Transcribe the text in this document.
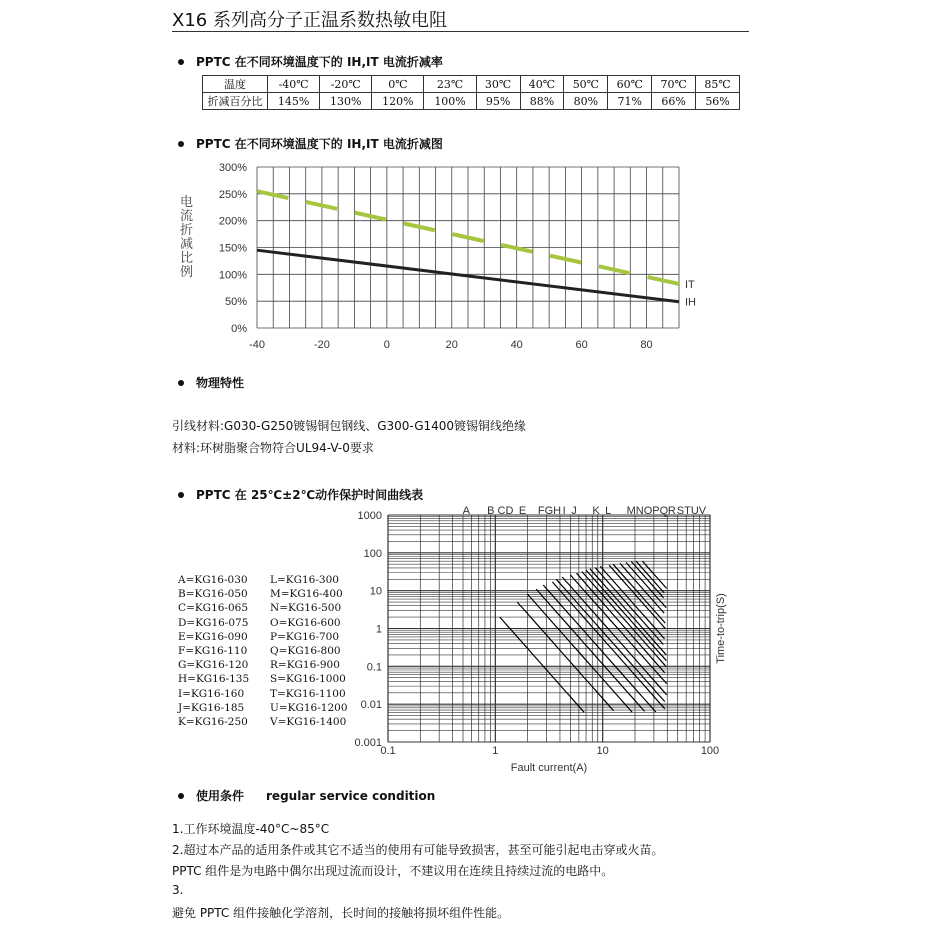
X16 系列高分子正温系数热敏电阻
PPTC 在不同环境温度下的 IH,IT 电流折减率
温度	-40℃	-20℃	0℃	23℃	30℃	40℃	50℃	60℃	70℃	85℃
折减百分比	145%	130%	120%	100%	95%	88%	80%	71%	66%	56%
PPTC 在不同环境温度下的 IH,IT 电流折减图
电
流
折
减
比
例
0%
50%
100%
150%
200%
250%
300%
-40	-20	0	20	40	60	80
IT
IH
物理特性
引线材料:G030-G250镀锡铜包钢线、G300-G1400镀锡铜线绝缘
材料:环树脂聚合物符合UL94-V-0要求
PPTC 在 25℃±2℃动作保护时间曲线表
A=KG16-030
B=KG16-050
C=KG16-065
D=KG16-075
E=KG16-090
F=KG16-110
G=KG16-120
H=KG16-135
I=KG16-160
J=KG16-185
K=KG16-250
L=KG16-300
M=KG16-400
N=KG16-500
O=KG16-600
P=KG16-700
Q=KG16-800
R=KG16-900
S=KG16-1000
T=KG16-1100
U=KG16-1200
V=KG16-1400
1000
100
10
1
0.1
0.01
0.001
0.1	1	10	100
Fault current(A)
Time-to-trip(S)
A B CD E FGH I J K L MNOPQ R STUV
使用条件 regular service condition
1.工作环境温度-40°C~85°C
2.超过本产品的适用条件或其它不适当的使用有可能导致损害，甚至可能引起电击穿或火苗。
PPTC 组件是为电路中偶尔出现过流而设计，不建议用在连续且持续过流的电路中。
3.
避免 PPTC 组件接触化学溶剂，长时间的接触将损坏组件性能。
